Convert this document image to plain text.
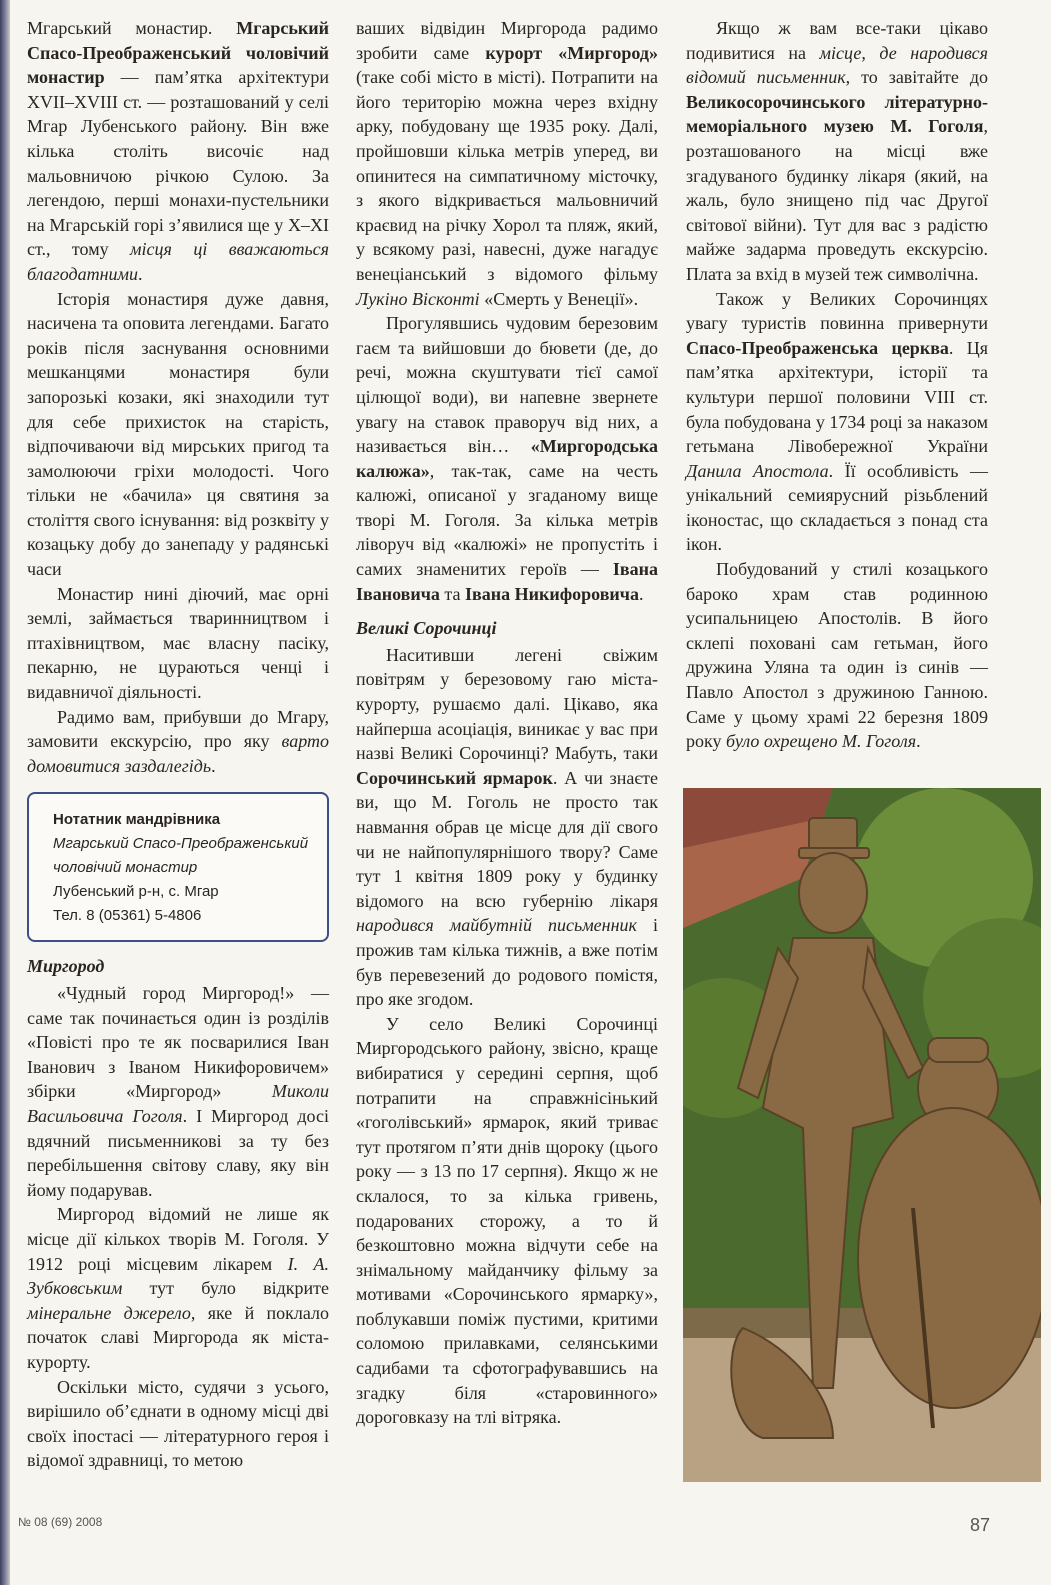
Мгарський монастир. Мгарський Спасо-Преображенський чоловічий монастир — пам’ятка архітектури XVII–XVIII ст. — розташований у селі Мгар Лубенського району. Він вже кілька століть височіє над мальовничою річкою Сулою. За легендою, перші монахи-пустельники на Мгарській горі з’явилися ще у X–XI ст., тому місця ці вважаються благодатними.

Історія монастиря дуже давня, насичена та оповита легендами. Багато років після заснування основними мешканцями монастиря були запорозькі козаки, які знаходили тут для себе прихисток на старість, відпочиваючи від мирських пригод та замолюючи гріхи молодості. Чого тільки не «бачила» ця святиня за століття свого існування: від розквіту у козацьку добу до занепаду у радянські часи

Монастир нині діючий, має орні землі, займається тваринництвом і птахівництвом, має власну пасіку, пекарню, не цураються ченці і видавничої діяльності.

Радимо вам, прибувши до Мгару, замовити екскурсію, про яку варто домовитися заздалегідь.

Нотатник мандрівника
Мгарський Спасо-Преображенський чоловічий монастир
Лубенський р-н, с. Мгар
Тел. 8 (05361) 5-4806
Миргород

«Чудный город Миргород!» — саме так починається один із розділів «Повісті про те як посварилися Іван Іванович з Іваном Никифоровичем» збірки «Миргород» Миколи Васильовича Гоголя. І Миргород досі вдячний письменникові за ту без перебільшення світову славу, яку він йому подарував.

Миргород відомий не лише як місце дії кількох творів М. Гоголя. У 1912 році місцевим лікарем І. А. Зубковським тут було відкрите мінеральне джерело, яке й поклало початок славі Миргорода як міста-курорту.

Оскільки місто, судячи з усього, вирішило об’єднати в одному місці дві своїх іпостасі — літературного героя і відомої здравниці, то метою

ваших відвідин Миргорода радимо зробити саме курорт «Миргород» (таке собі місто в місті). Потрапити на його територію можна через вхідну арку, побудовану ще 1935 року. Далі, пройшовши кілька метрів уперед, ви опинитеся на симпатичному місточку, з якого відкривається мальовничий краєвид на річку Хорол та пляж, який, у всякому разі, навесні, дуже нагадує венеціанський з відомого фільму Лукіно Вісконті «Смерть у Венеції».

Прогулявшись чудовим березовим гаєм та вийшовши до бювети (де, до речі, можна скуштувати тієї самої цілющої води), ви напевне звернете увагу на ставок праворуч від них, а називається він… «Миргородська калюжа», так-так, саме на честь калюжі, описаної у згаданому вище творі М. Гоголя. За кілька метрів ліворуч від «калюжі» не пропустіть і самих знаменитих героїв — Івана Івановича та Івана Никифоровича.

Великі Сорочинці

Наситивши легені свіжим повітрям у березовому гаю міста-курорту, рушаємо далі. Цікаво, яка найперша асоціація, виникає у вас при назві Великі Сорочинці? Мабуть, таки Сорочинський ярмарок. А чи знаєте ви, що М. Гоголь не просто так навмання обрав це місце для дії свого чи не найпопулярнішого твору? Саме тут 1 квітня 1809 року у будинку відомого на всю губернію лікаря народився майбутній письменник і прожив там кілька тижнів, а вже потім був перевезений до родового помістя, про яке згодом.

У село Великі Сорочинці Миргородського району, звісно, краще вибиратися у середині серпня, щоб потрапити на справжнісінький «гоголівський» ярмарок, який триває тут протягом п’яти днів щороку (цього року — з 13 по 17 серпня). Якщо ж не склалося, то за кілька гривень, подарованих сторожу, а то й безкоштовно можна відчути себе на знімальному майданчику фільму за мотивами «Сорочинського ярмарку», поблукавши поміж пустими, критими соломою прилавками, селянськими садибами та сфотографувавшись на згадку біля «старовинного» дороговказу на тлі вітряка.

Якщо ж вам все-таки цікаво подивитися на місце, де народився відомий письменник, то завітайте до Великосорочинського літературно-меморіального музею М. Гоголя, розташованого на місці вже згадуваного будинку лікаря (який, на жаль, було знищено під час Другої світової війни). Тут для вас з радістю майже задарма проведуть екскурсію. Плата за вхід в музей теж символічна.

Також у Великих Сорочинцях увагу туристів повинна привернути Спасо-Преображенська церква. Ця пам’ятка архітектури, історії та культури першої половини VIII ст. була побудована у 1734 році за наказом гетьмана Лівобережної України Данила Апостола. Її особливість — унікальний семиярусний різьблений іконостас, що складається з понад ста ікон.

Побудований у стилі козацького бароко храм став родинною усипальницею Апостолів. В його склепі поховані сам гетьман, його дружина Уляна та один із синів — Павло Апостол з дружиною Ганною. Саме у цьому храмі 22 березня 1809 року було охрещено М. Гоголя.

№ 08 (69) 2008	87
